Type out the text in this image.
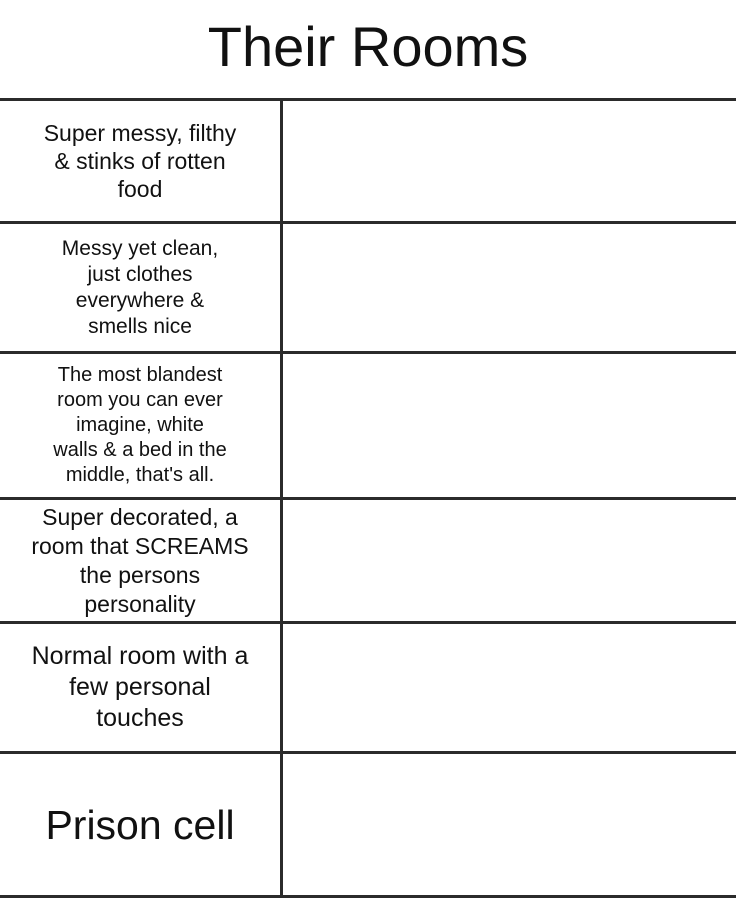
Their Rooms
Super messy, filthy
& stinks of rotten
food
Messy yet clean,
just clothes
everywhere &
smells nice
The most blandest
room you can ever
imagine, white
walls & a bed in the
middle, that's all.
Super decorated, a
room that SCREAMS
the persons
personality
Normal room with a
few personal
touches
Prison cell
